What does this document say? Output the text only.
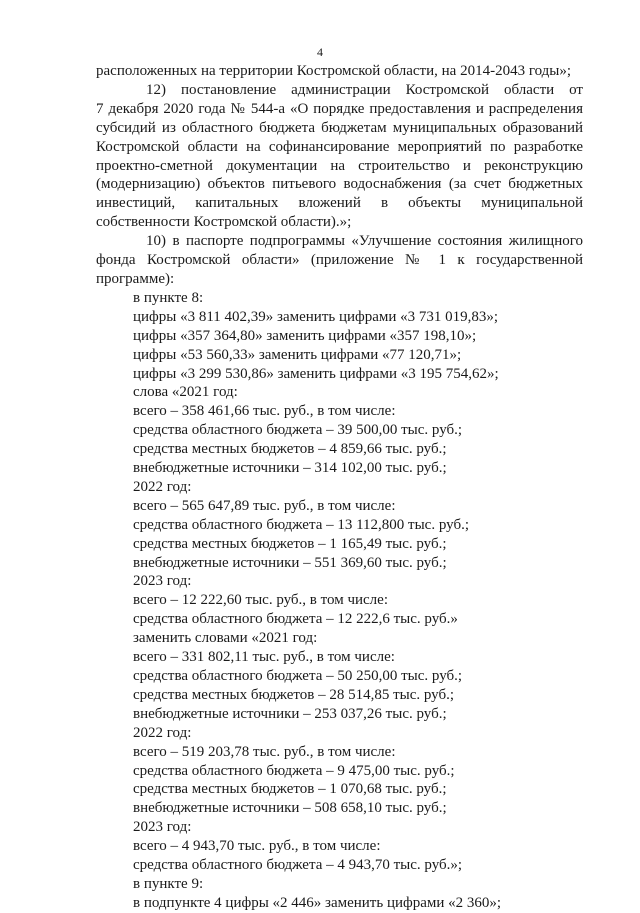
4
расположенных на территории Костромской области, на 2014-2043 годы»;
12) постановление администрации Костромской области от
7 декабря 2020 года № 544-а «О порядке предоставления и распределения
субсидий из областного бюджета бюджетам муниципальных образований
Костромской области на софинансирование мероприятий по разработке
проектно-сметной документации на строительство и реконструкцию
(модернизацию) объектов питьевого водоснабжения (за счет бюджетных
инвестиций, капитальных вложений в объекты муниципальной
собственности Костромской области).»;
10) в паспорте подпрограммы «Улучшение состояния жилищного
фонда Костромской области» (приложение № 1 к государственной
программе):
в пункте 8:
цифры «3 811 402,39» заменить цифрами «3 731 019,83»;
цифры «357 364,80» заменить цифрами «357 198,10»;
цифры «53 560,33» заменить цифрами «77 120,71»;
цифры «3 299 530,86» заменить цифрами «3 195 754,62»;
слова «2021 год:
всего – 358 461,66 тыс. руб., в том числе:
средства областного бюджета – 39 500,00 тыс. руб.;
средства местных бюджетов – 4 859,66 тыс. руб.;
внебюджетные источники – 314 102,00 тыс. руб.;
2022 год:
всего – 565 647,89 тыс. руб., в том числе:
средства областного бюджета – 13 112,800 тыс. руб.;
средства местных бюджетов – 1 165,49 тыс. руб.;
внебюджетные источники – 551 369,60 тыс. руб.;
2023 год:
всего – 12 222,60 тыс. руб., в том числе:
средства областного бюджета – 12 222,6 тыс. руб.»
заменить словами «2021 год:
всего – 331 802,11 тыс. руб., в том числе:
средства областного бюджета – 50 250,00 тыс. руб.;
средства местных бюджетов – 28 514,85 тыс. руб.;
внебюджетные источники – 253 037,26 тыс. руб.;
2022 год:
всего – 519 203,78 тыс. руб., в том числе:
средства областного бюджета – 9 475,00 тыс. руб.;
средства местных бюджетов – 1 070,68 тыс. руб.;
внебюджетные источники – 508 658,10 тыс. руб.;
2023 год:
всего – 4 943,70 тыс. руб., в том числе:
средства областного бюджета – 4 943,70 тыс. руб.»;
в пункте 9:
в подпункте 4 цифры «2 446» заменить цифрами «2 360»;
